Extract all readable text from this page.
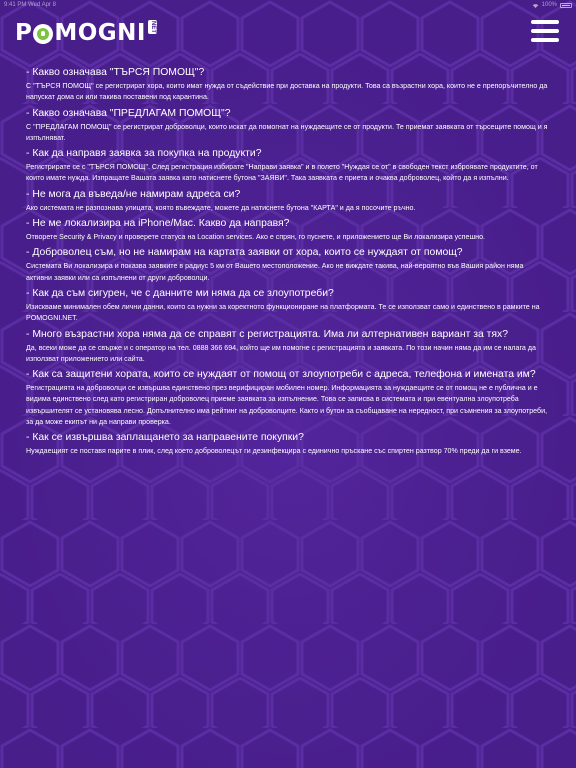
9:41 PM Wed Apr 8	100%
P MOGNI NET

- Какво означава "ТЪРСЯ ПОМОЩ"?

С "ТЪРСЯ ПОМОЩ" се регистрират хора, които имат нужда от съдействие при доставка на продукти. Това са възрастни хора, които не е препоръчително да напускат дома си или такива поставени под карантина.

- Какво означава "ПРЕДЛАГАМ ПОМОЩ"?

С "ПРЕДЛАГАМ ПОМОЩ" се регистрират доброволци, които искат да помогнат на нуждаещите се от продукти. Те приемат заявката от търсещите помощ и я изпълняват.

- Как да направя заявка за покупка на продукти?

Регистрирате се с "ТЪРСЯ ПОМОЩ". След регистрация избирате "Направи заявка" и в полето "Нуждая се от" в свободен текст изброявате продуктите, от които имате нужда. Изпращате Вашата заявка като натиснете бутона "ЗАЯВИ". Така заявката е приета и очаква доброволец, който да я изпълни.

- Не мога да въведа/не намирам адреса си?

Ако системата не разпознава улицата, която въвеждате, можете да натиснете бутона "КАРТА" и да я посочите ръчно.

- Не ме локализира на iPhone/Mac. Какво да направя?

Отворете Security & Privacy и проверете статуса на Location services. Ако е спрян, го пуснете, и приложението ще Ви локализира успешно.

- Доброволец съм, но не намирам на картата заявки от хора, които се нуждаят от помощ?

Системата Ви локализира и показва заявките в радиус 5 км от Вашето местоположение. Ако не виждате такива, най-вероятно във Вашия район няма активни заявки или са изпълнени от други доброволци.

- Как да съм сигурен, че с данните ми няма да се злоупотреби?

Изискваме минимален обем лични данни, които са нужни за коректното функциониране на платформата. Те се използват само и единствено в рамките на POMOGNI.NET.

- Много възрастни хора няма да се справят с регистрацията. Има ли алтернативен вариант за тях?

Да, всеки може да се свърже и с оператор на тел. 0888 366 694, който ще им помогне с регистрацията и заявката. По този начин няма да им се налага да използват приложението или сайта.

- Как са защитени хората, които се нуждаят от помощ от злоупотреби с адреса, телефона и имената им?

Регистрацията на доброволци се извършва единствено през верифициран мобилен номер. Информацията за нуждаещите се от помощ не е публична и е видима единствено след като регистриран доброволец приеме заявката за изпълнение. Това се записва в системата и при евентуална злоупотреба извършителят се установява лесно. Допълнително има рейтинг на доброволците. Както и бутон за съобщаване на нередност, при съмнения за злоупотреби, за да може екипът ни да направи проверка.

- Как се извършва заплащането за направените покупки?

Нуждаещият се поставя парите в плик, след което доброволецът ги дезинфекцира с единично пръскане със спиртен разтвор 70% преди да ги вземе.
